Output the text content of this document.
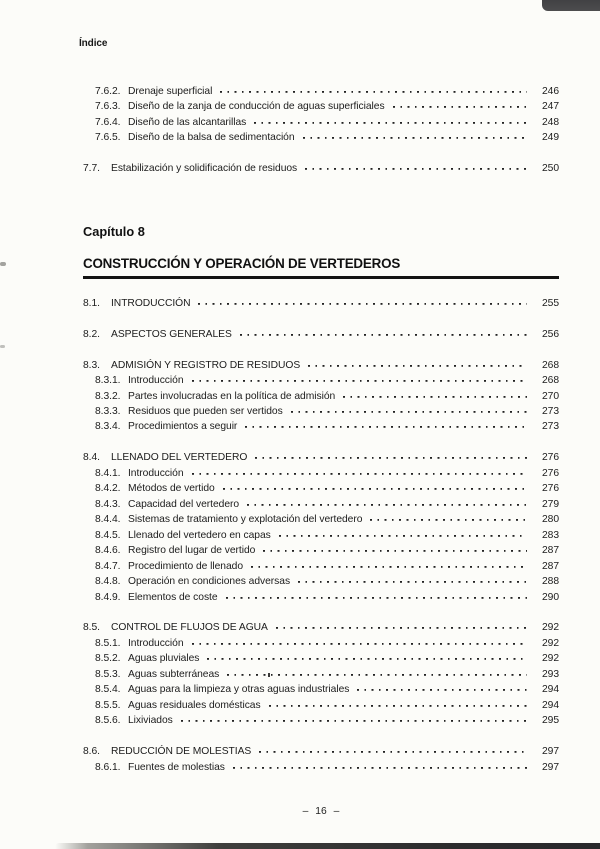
Índice
7.6.2. Drenaje superficial	246
7.6.3. Diseño de la zanja de conducción de aguas superficiales	247
7.6.4. Diseño de las alcantarillas	248
7.6.5. Diseño de la balsa de sedimentación	249
7.7.	Estabilización y solidificación de residuos	250
Capítulo 8
CONSTRUCCIÓN Y OPERACIÓN DE VERTEDEROS
8.1.	INTRODUCCIÓN	255
8.2.	ASPECTOS GENERALES	256
8.3.	ADMISIÓN Y REGISTRO DE RESIDUOS	268
8.3.1. Introducción	268
8.3.2. Partes involucradas en la política de admisión	270
8.3.3. Residuos que pueden ser vertidos	273
8.3.4. Procedimientos a seguir	273
8.4.	LLENADO DEL VERTEDERO	276
8.4.1. Introducción	276
8.4.2. Métodos de vertido	276
8.4.3. Capacidad del vertedero	279
8.4.4. Sistemas de tratamiento y explotación del vertedero	280
8.4.5. Llenado del vertedero en capas	283
8.4.6. Registro del lugar de vertido	287
8.4.7. Procedimiento de llenado	287
8.4.8. Operación en condiciones adversas	288
8.4.9. Elementos de coste	290
8.5.	CONTROL DE FLUJOS DE AGUA	292
8.5.1. Introducción	292
8.5.2. Aguas pluviales	292
8.5.3. Aguas subterráneas	293
8.5.4. Aguas para la limpieza y otras aguas industriales	294
8.5.5. Aguas residuales domésticas	294
8.5.6. Lixiviados	295
8.6.	REDUCCIÓN DE MOLESTIAS	297
8.6.1. Fuentes de molestias	297
– 16 –
